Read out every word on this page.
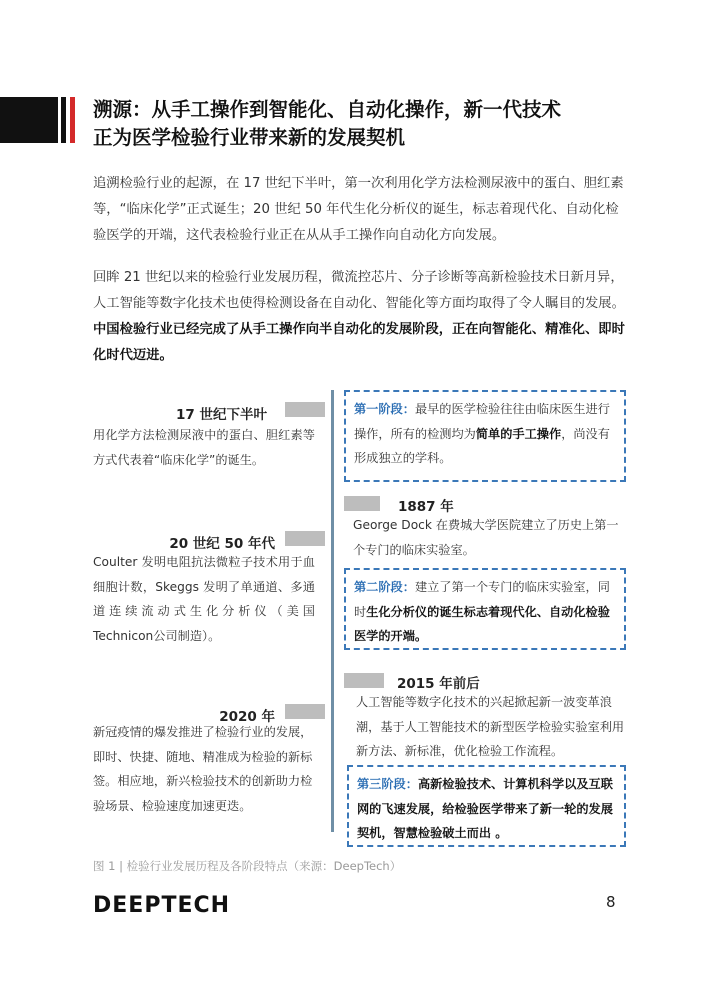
溯源：从手工操作到智能化、自动化操作，新一代技术
正为医学检验行业带来新的发展契机

追溯检验行业的起源，在 17 世纪下半叶，第一次利用化学方法检测尿液中的蛋白、胆红素等，“临床化学”正式诞生；20 世纪 50 年代生化分析仪的诞生，标志着现代化、自动化检验医学的开端，这代表检验行业正在从从手工操作向自动化方向发展。

回眸 21 世纪以来的检验行业发展历程，微流控芯片、分子诊断等高新检验技术日新月异，人工智能等数字化技术也使得检测设备在自动化、智能化等方面均取得了令人瞩目的发展。中国检验行业已经完成了从手工操作向半自动化的发展阶段，正在向智能化、精准化、即时化时代迈进。

17 世纪下半叶
用化学方法检测尿液中的蛋白、胆红素等方式代表着“临床化学”的诞生。
20 世纪 50 年代
Coulter 发明电阻抗法微粒子技术用于血细胞计数，Skeggs 发明了单通道、多通道连续流动式生化分析仪（美国Technicon公司制造）。
2020 年
新冠疫情的爆发推进了检验行业的发展，即时、快捷、随地、精准成为检验的新标签。相应地，新兴检验技术的创新助力检验场景、检验速度加速更迭。
1887 年
George Dock 在费城大学医院建立了历史上第一个专门的临床实验室。
2015 年前后
人工智能等数字化技术的兴起掀起新一波变革浪潮，基于人工智能技术的新型医学检验实验室利用新方法、新标准，优化检验工作流程。
第一阶段：最早的医学检验往往由临床医生进行操作，所有的检测均为简单的手工操作，尚没有形成独立的学科。
第二阶段：建立了第一个专门的临床实验室，同时生化分析仪的诞生标志着现代化、自动化检验医学的开端。
第三阶段：高新检验技术、计算机科学以及互联网的飞速发展，给检验医学带来了新一轮的发展契机，智慧检验破土而出 。
图 1 | 检验行业发展历程及各阶段特点（来源：DeepTech）
DEEPTECH	8
